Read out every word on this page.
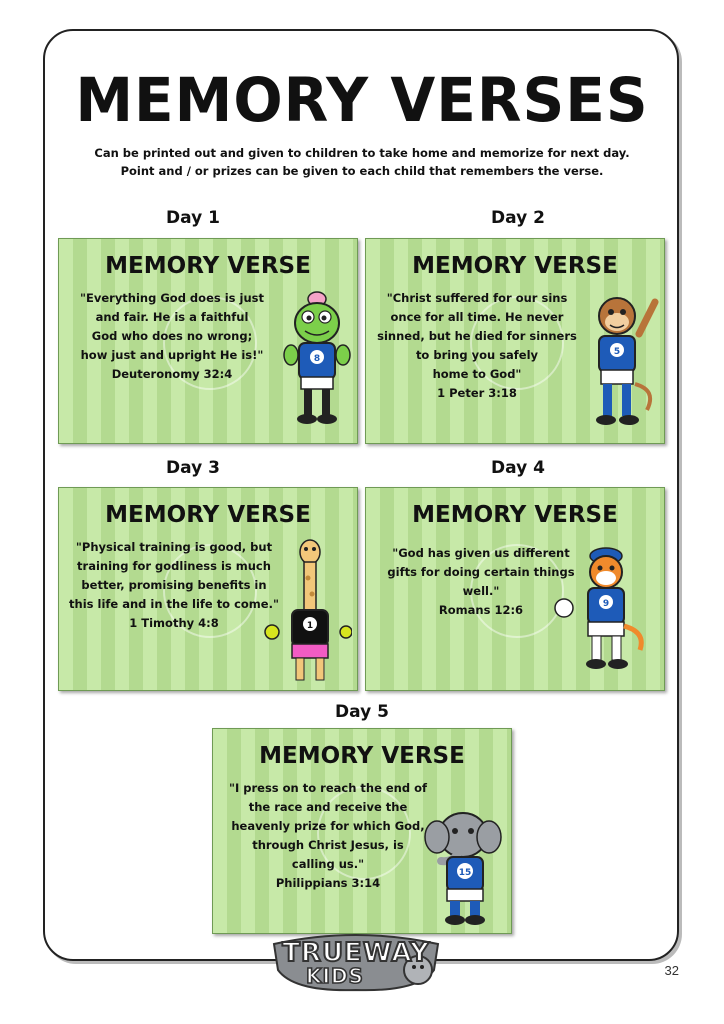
MEMORY VERSES
Can be printed out and given to children to take home and memorize for next day.
Point and / or prizes can be given to each child that remembers the verse.
Day 1
MEMORY VERSE
"Everything God does is just
and fair. He is a faithful
God who does no wrong;
how just and upright He is!"
Deuteronomy 32:4
8
Day 2
MEMORY VERSE
"Christ suffered for our sins
once for all time. He never
sinned, but he died for sinners
to bring you safely
home to God"
1 Peter 3:18
5
Day 3
MEMORY VERSE
"Physical training is good, but
training for godliness is much
better, promising benefits in
this life and in the life to come."
1 Timothy 4:8	1
Day 4
MEMORY VERSE
"God has given us different
gifts for doing certain things
well."
Romans 12:6	9
Day 5
MEMORY VERSE
"I press on to reach the end of
the race and receive the
heavenly prize for which God,
through Christ Jesus, is
calling us."
Philippians 3:14
15
TRUEWAY
KIDS	32
